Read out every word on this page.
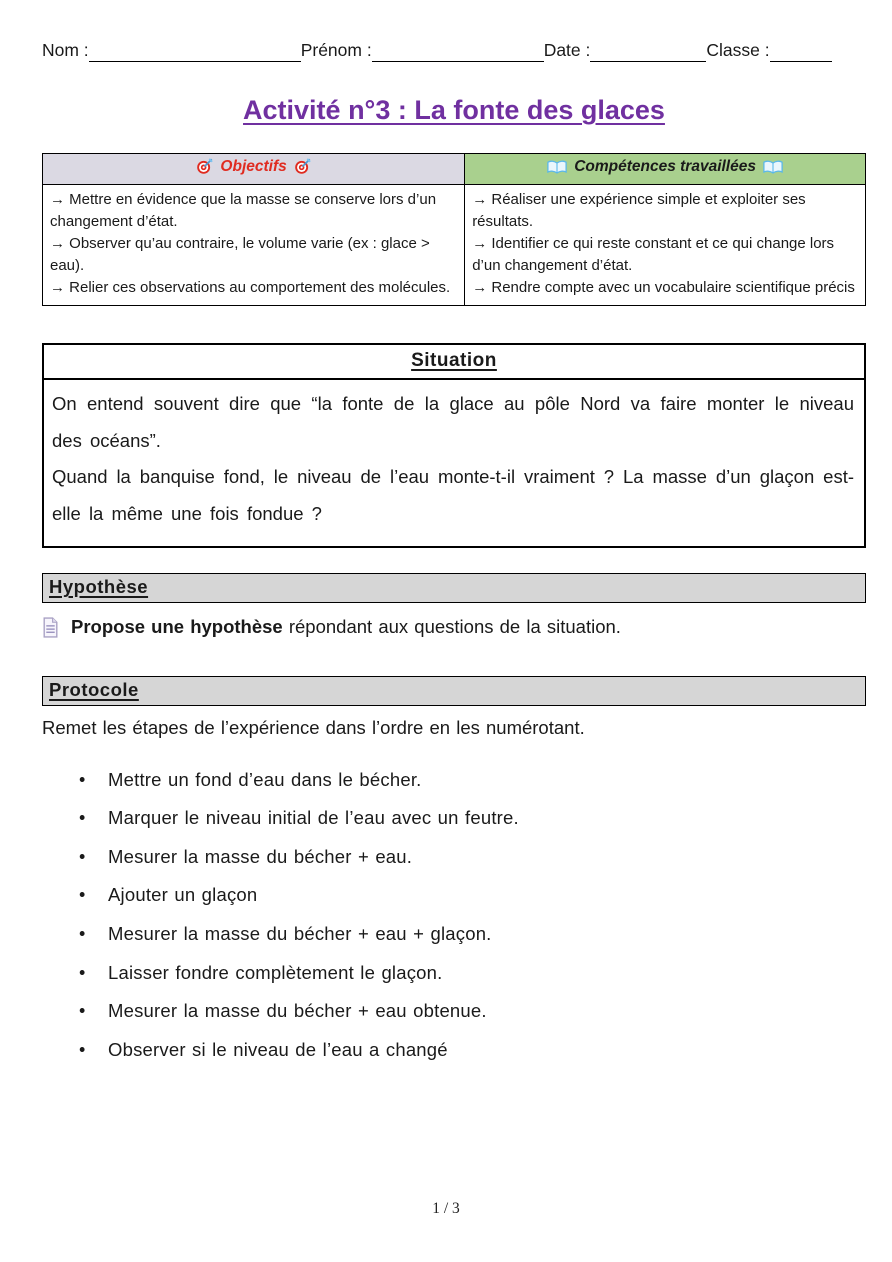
Nom :	Prénom :	Date :	Classe :
Activité n°3 : La fonte des glaces
Objectifs	Compétences travaillées

→ Mettre en évidence que la masse se conserve lors d’un changement d’état.
→ Observer qu’au contraire, le volume varie (ex : glace > eau).
→ Relier ces observations au comportement des molécules.

→ Réaliser une expérience simple et exploiter ses résultats.
→ Identifier ce qui reste constant et ce qui change lors d’un changement d’état.
→ Rendre compte avec un vocabulaire scientifique précis
Situation

On entend souvent dire que “la fonte de la glace au pôle Nord va faire monter le niveau des océans”.

Quand la banquise fond, le niveau de l’eau monte-t-il vraiment ? La masse d’un glaçon est-elle la même une fois fondue ?

Hypothèse
Propose une hypothèse répondant aux questions de la situation.
Protocole
Remet les étapes de l’expérience dans l’ordre en les numérotant.
• Mettre un fond d’eau dans le bécher.
• Marquer le niveau initial de l’eau avec un feutre.
• Mesurer la masse du bécher + eau.
• Ajouter un glaçon
• Mesurer la masse du bécher + eau + glaçon.
• Laisser fondre complètement le glaçon.
• Mesurer la masse du bécher + eau obtenue.
• Observer si le niveau de l’eau a changé
1 / 3
